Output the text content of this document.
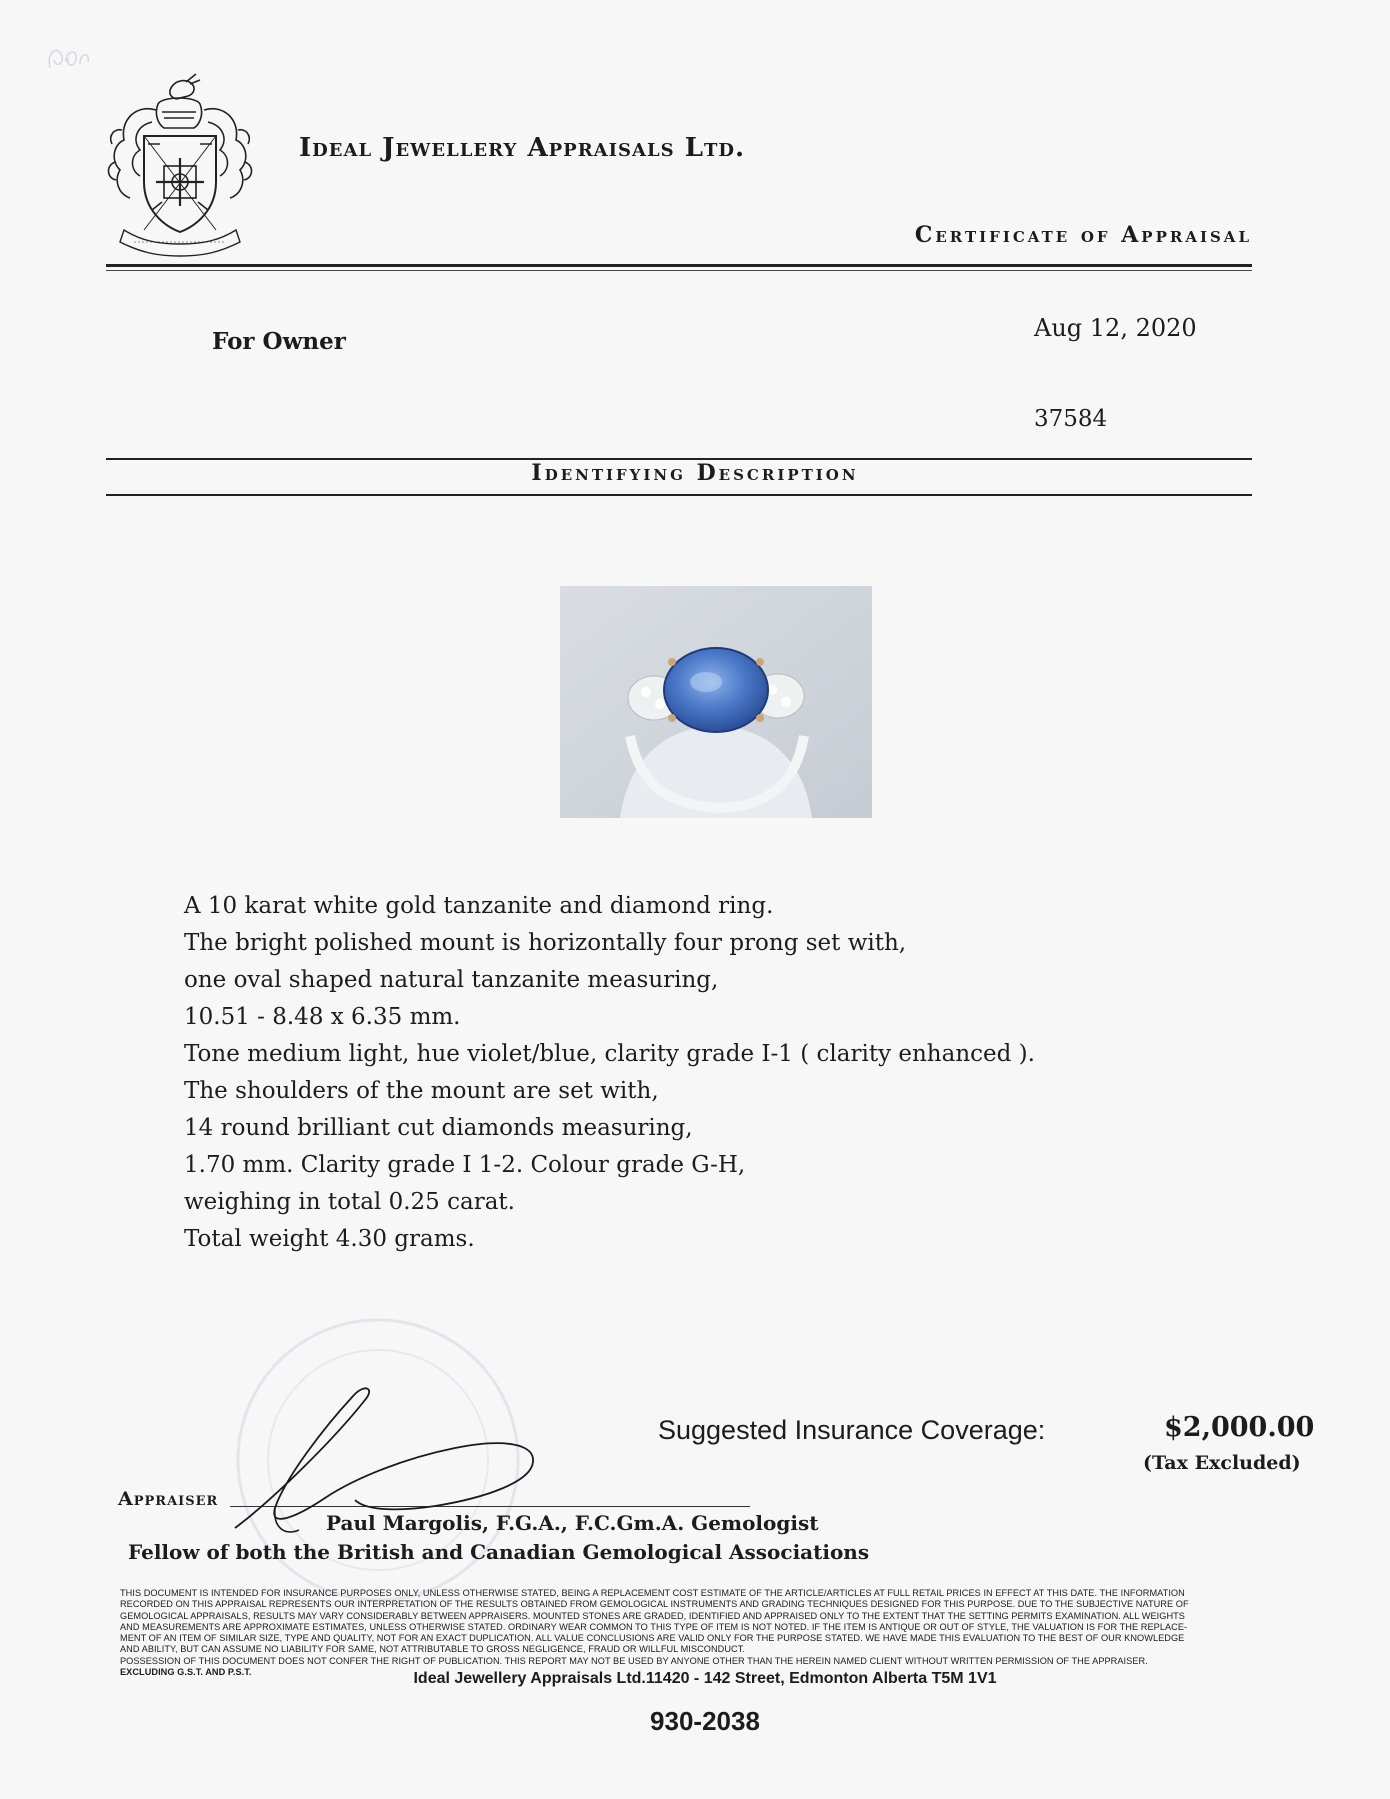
Ideal Jewellery Appraisals Ltd.
Certificate of Appraisal
For Owner	Aug 12, 2020
37584
Identifying Description
A 10 karat white gold tanzanite and diamond ring.
The bright polished mount is horizontally four prong set with,
one oval shaped natural tanzanite measuring,
10.51 - 8.48 x 6.35 mm.
Tone medium light, hue violet/blue, clarity grade I-1 ( clarity enhanced ).
The shoulders of the mount are set with,
14 round brilliant cut diamonds measuring,
1.70 mm. Clarity grade I 1-2. Colour grade G-H,
weighing in total 0.25 carat.
Total weight 4.30 grams.
Suggested Insurance Coverage:	$2,000.00
(Tax Excluded)
Appraiser
Paul Margolis, F.G.A., F.C.Gm.A. Gemologist
Fellow of both the British and Canadian Gemological Associations
THIS DOCUMENT IS INTENDED FOR INSURANCE PURPOSES ONLY, UNLESS OTHERWISE STATED, BEING A REPLACEMENT COST ESTIMATE OF THE ARTICLE/ARTICLES AT FULL RETAIL PRICES IN EFFECT AT THIS DATE. THE INFORMATION
RECORDED ON THIS APPRAISAL REPRESENTS OUR INTERPRETATION OF THE RESULTS OBTAINED FROM GEMOLOGICAL INSTRUMENTS AND GRADING TECHNIQUES DESIGNED FOR THIS PURPOSE. DUE TO THE SUBJECTIVE NATURE OF
GEMOLOGICAL APPRAISALS, RESULTS MAY VARY CONSIDERABLY BETWEEN APPRAISERS. MOUNTED STONES ARE GRADED, IDENTIFIED AND APPRAISED ONLY TO THE EXTENT THAT THE SETTING PERMITS EXAMINATION. ALL WEIGHTS
AND MEASUREMENTS ARE APPROXIMATE ESTIMATES, UNLESS OTHERWISE STATED. ORDINARY WEAR COMMON TO THIS TYPE OF ITEM IS NOT NOTED. IF THE ITEM IS ANTIQUE OR OUT OF STYLE, THE VALUATION IS FOR THE REPLACE-
MENT OF AN ITEM OF SIMILAR SIZE, TYPE AND QUALITY, NOT FOR AN EXACT DUPLICATION. ALL VALUE CONCLUSIONS ARE VALID ONLY FOR THE PURPOSE STATED. WE HAVE MADE THIS EVALUATION TO THE BEST OF OUR KNOWLEDGE
AND ABILITY, BUT CAN ASSUME NO LIABILITY FOR SAME, NOT ATTRIBUTABLE TO GROSS NEGLIGENCE, FRAUD OR WILLFUL MISCONDUCT.
POSSESSION OF THIS DOCUMENT DOES NOT CONFER THE RIGHT OF PUBLICATION. THIS REPORT MAY NOT BE USED BY ANYONE OTHER THAN THE HEREIN NAMED CLIENT WITHOUT WRITTEN PERMISSION OF THE APPRAISER.
EXCLUDING G.S.T. AND P.S.T.	Ideal Jewellery Appraisals Ltd.11420 - 142 Street, Edmonton Alberta T5M 1V1
930-2038
